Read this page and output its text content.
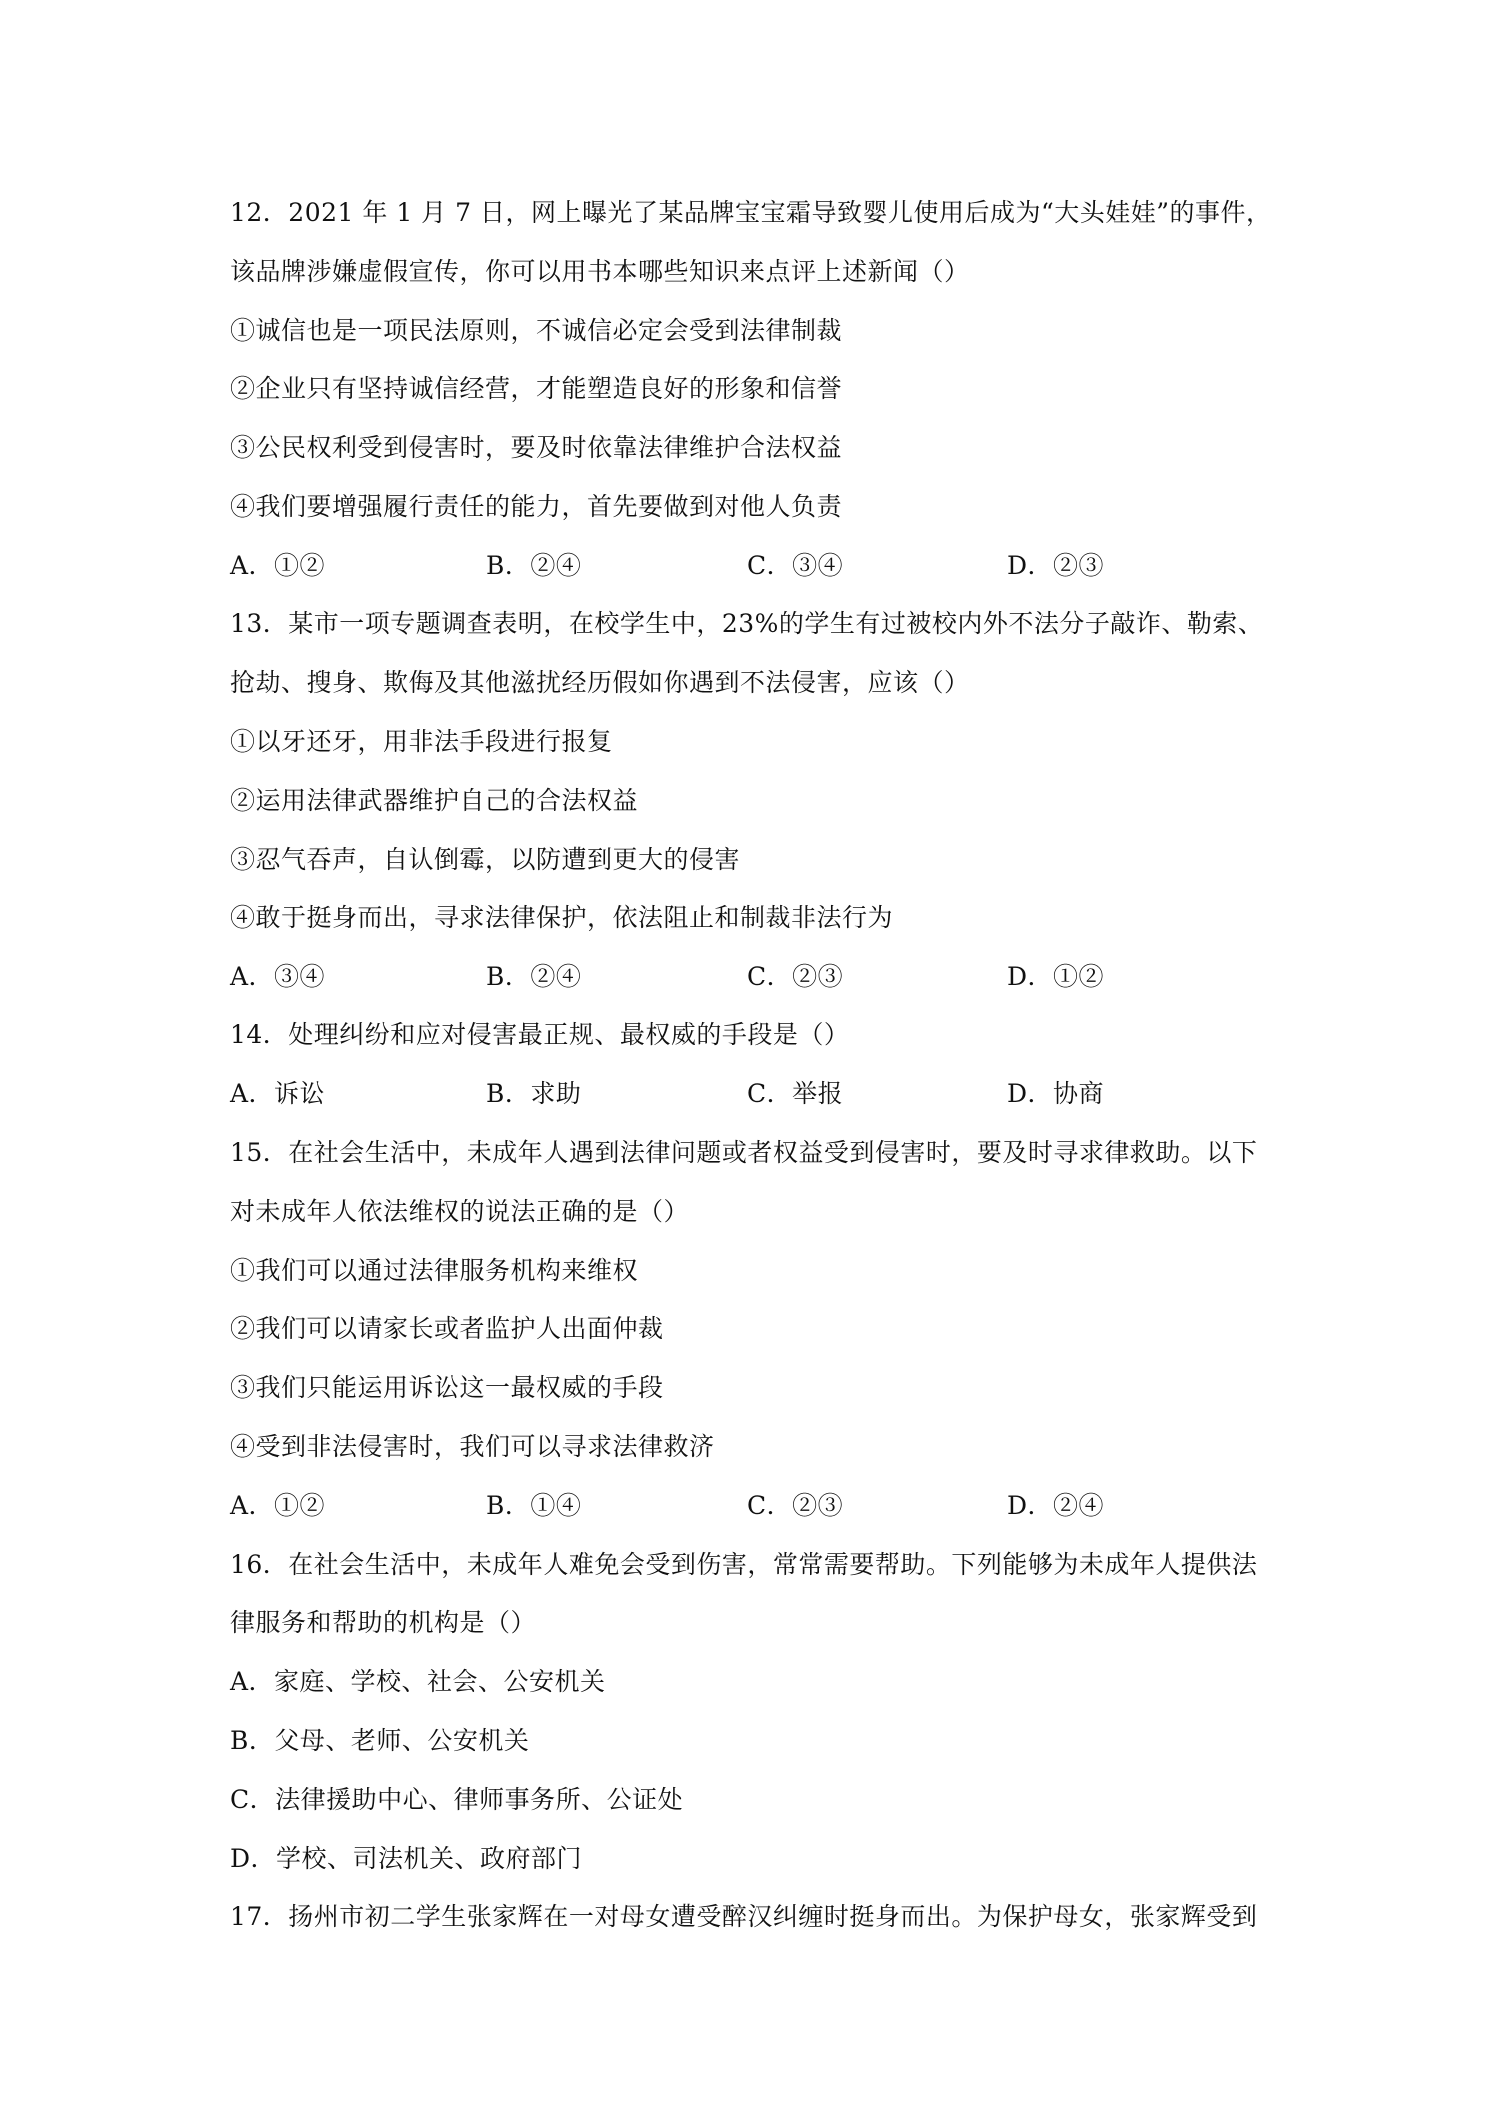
12．2021 年 1 月 7 日，网上曝光了某品牌宝宝霜导致婴儿使用后成为“大头娃娃”的事件，
该品牌涉嫌虚假宣传，你可以用书本哪些知识来点评上述新闻（）
①诚信也是一项民法原则，不诚信必定会受到法律制裁
②企业只有坚持诚信经营，才能塑造良好的形象和信誉
③公民权利受到侵害时，要及时依靠法律维护合法权益
④我们要增强履行责任的能力，首先要做到对他人负责
A．①②	B．②④	C．③④	D．②③
13．某市一项专题调查表明，在校学生中，23%的学生有过被校内外不法分子敲诈、勒索、
抢劫、搜身、欺侮及其他滋扰经历假如你遇到不法侵害，应该（）
①以牙还牙，用非法手段进行报复
②运用法律武器维护自己的合法权益
③忍气吞声，自认倒霉，以防遭到更大的侵害
④敢于挺身而出，寻求法律保护，依法阻止和制裁非法行为
A．③④	B．②④	C．②③	D．①②
14．处理纠纷和应对侵害最正规、最权威的手段是（）
A．诉讼	B．求助	C．举报	D．协商
15．在社会生活中，未成年人遇到法律问题或者权益受到侵害时，要及时寻求律救助。以下
对未成年人依法维权的说法正确的是（）
①我们可以通过法律服务机构来维权
②我们可以请家长或者监护人出面仲裁
③我们只能运用诉讼这一最权威的手段
④受到非法侵害时，我们可以寻求法律救济
A．①②	B．①④	C．②③	D．②④
16．在社会生活中，未成年人难免会受到伤害，常常需要帮助。下列能够为未成年人提供法
律服务和帮助的机构是（）
A．家庭、学校、社会、公安机关
B．父母、老师、公安机关
C．法律援助中心、律师事务所、公证处
D．学校、司法机关、政府部门
17．扬州市初二学生张家辉在一对母女遭受醉汉纠缠时挺身而出。为保护母女，张家辉受到
